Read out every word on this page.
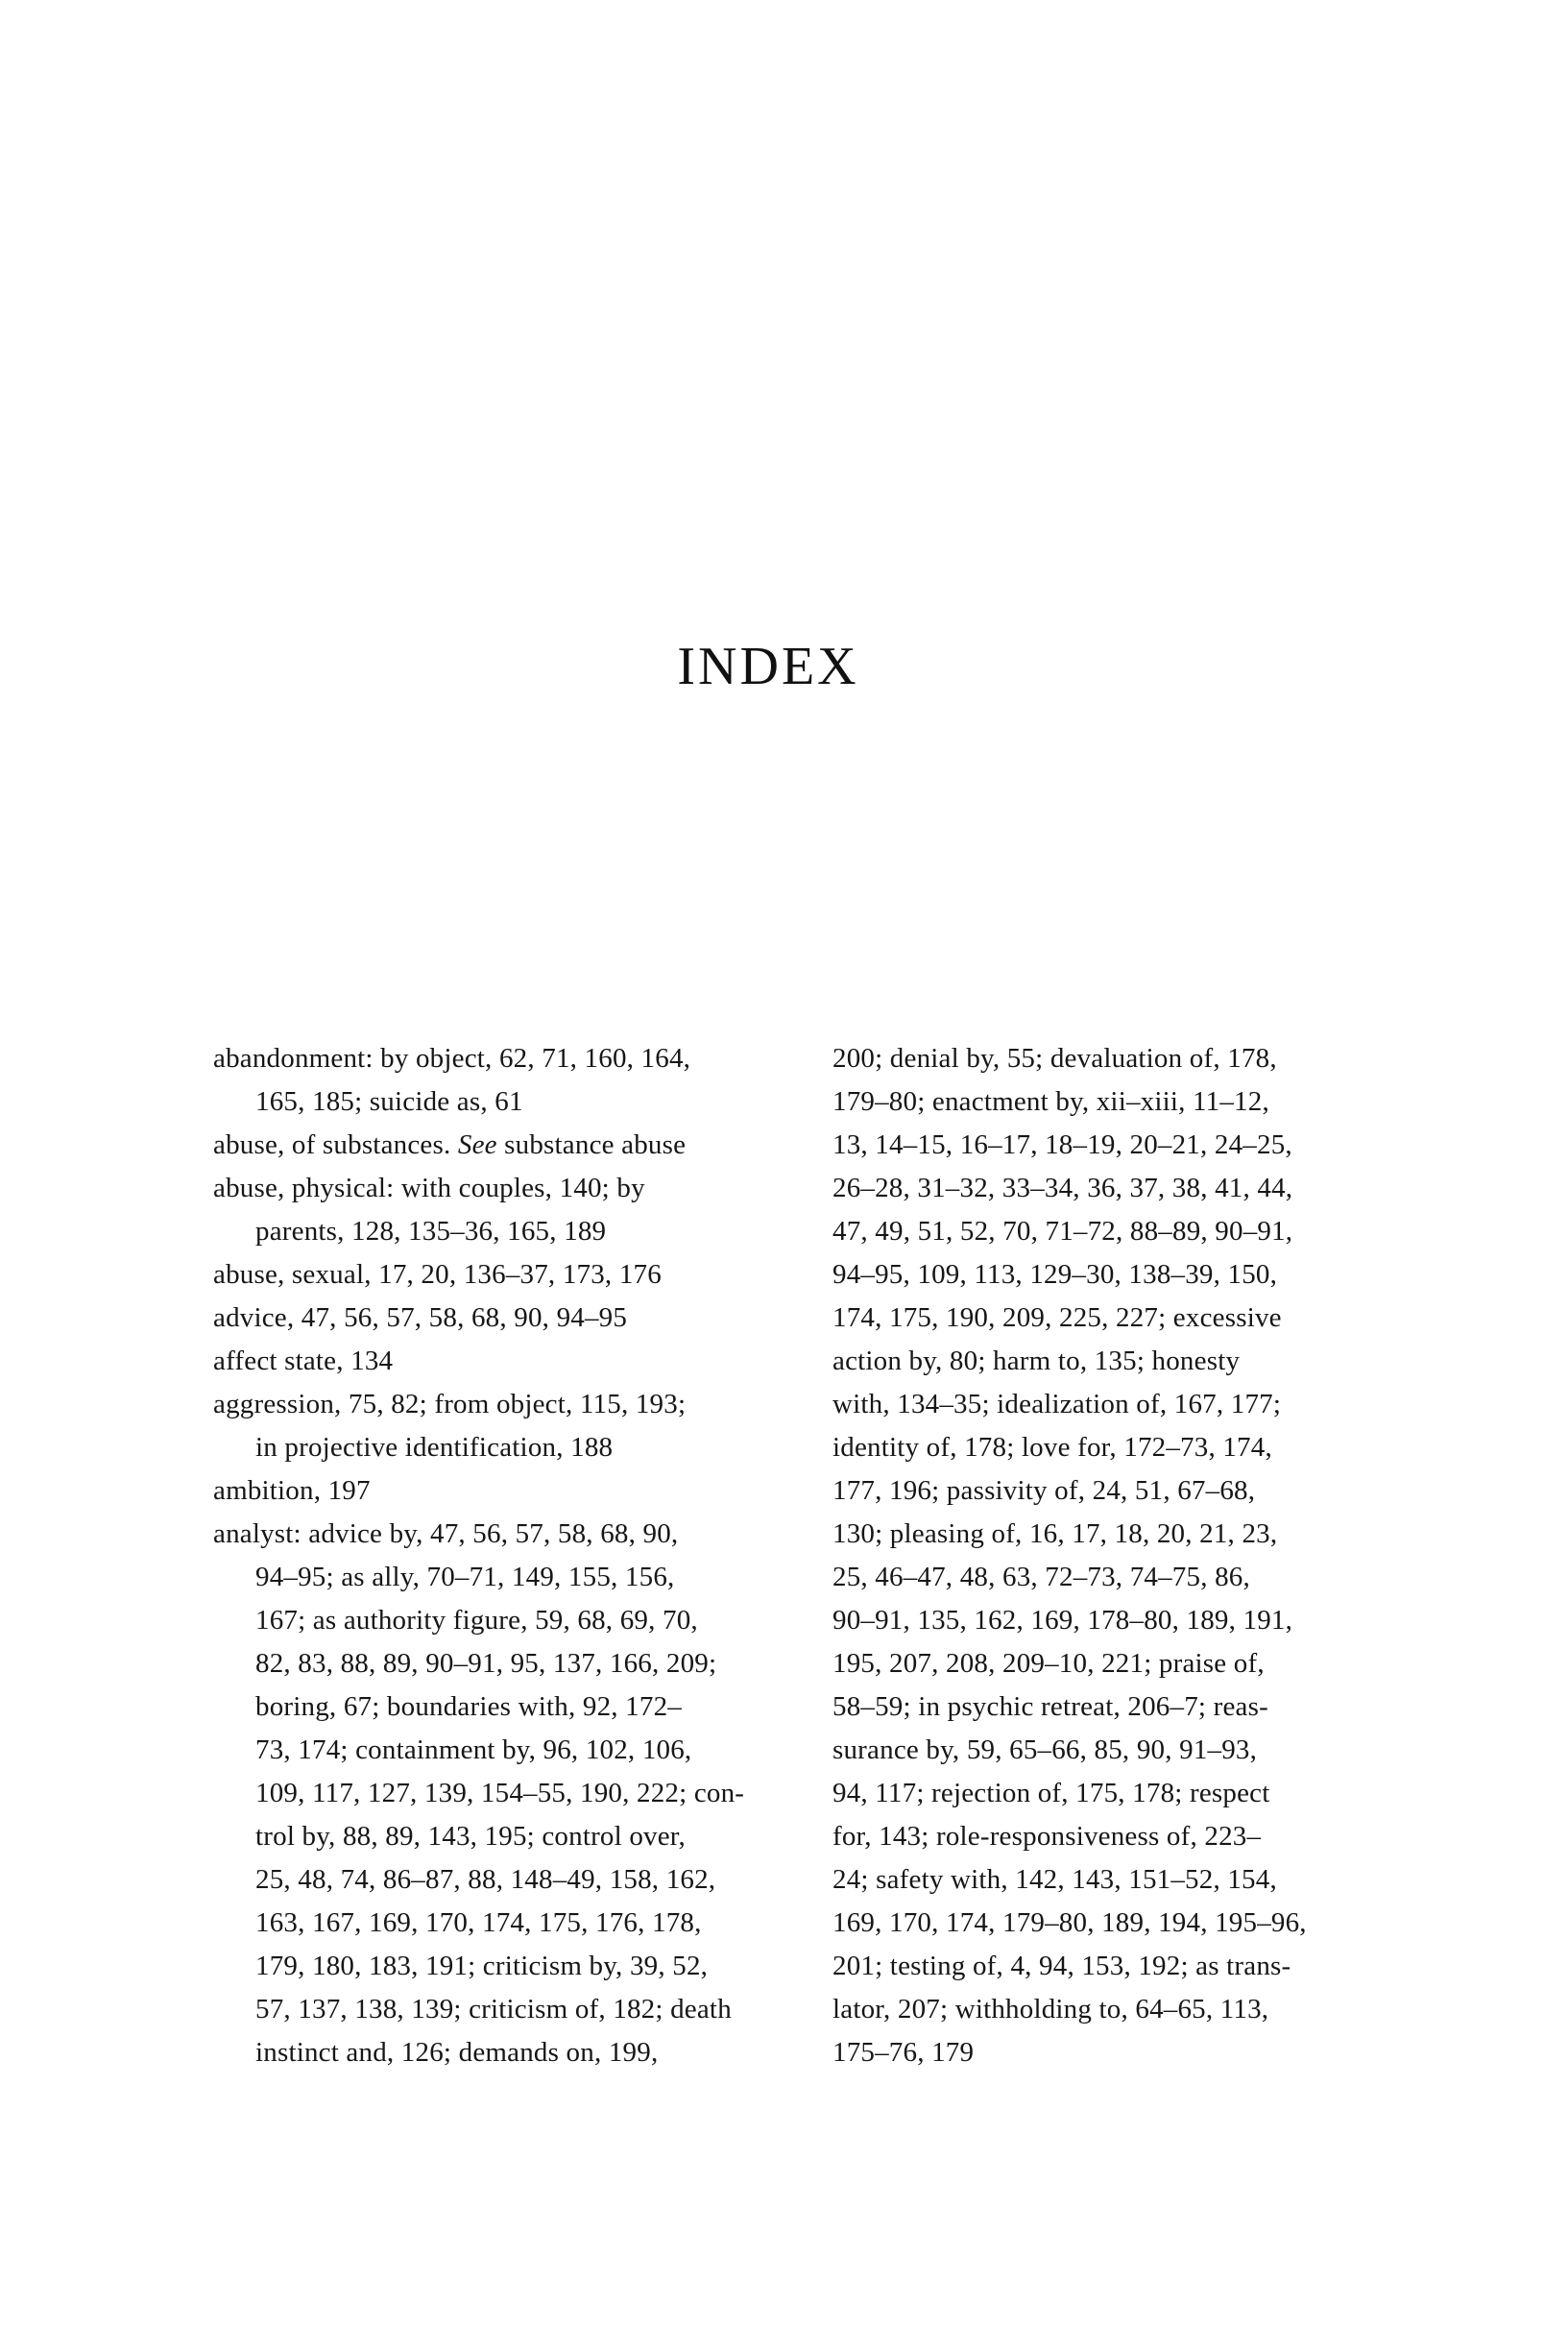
INDEX
abandonment: by object, 62, 71, 160, 164,
165, 185; suicide as, 61
abuse, of substances. See substance abuse
abuse, physical: with couples, 140; by
parents, 128, 135–36, 165, 189
abuse, sexual, 17, 20, 136–37, 173, 176
advice, 47, 56, 57, 58, 68, 90, 94–95
affect state, 134
aggression, 75, 82; from object, 115, 193;
in projective identification, 188
ambition, 197
analyst: advice by, 47, 56, 57, 58, 68, 90,
94–95; as ally, 70–71, 149, 155, 156,
167; as authority figure, 59, 68, 69, 70,
82, 83, 88, 89, 90–91, 95, 137, 166, 209;
boring, 67; boundaries with, 92, 172–
73, 174; containment by, 96, 102, 106,
109, 117, 127, 139, 154–55, 190, 222; con-
trol by, 88, 89, 143, 195; control over,
25, 48, 74, 86–87, 88, 148–49, 158, 162,
163, 167, 169, 170, 174, 175, 176, 178,
179, 180, 183, 191; criticism by, 39, 52,
57, 137, 138, 139; criticism of, 182; death
instinct and, 126; demands on, 199,
200; denial by, 55; devaluation of, 178,
179–80; enactment by, xii–xiii, 11–12,
13, 14–15, 16–17, 18–19, 20–21, 24–25,
26–28, 31–32, 33–34, 36, 37, 38, 41, 44,
47, 49, 51, 52, 70, 71–72, 88–89, 90–91,
94–95, 109, 113, 129–30, 138–39, 150,
174, 175, 190, 209, 225, 227; excessive
action by, 80; harm to, 135; honesty
with, 134–35; idealization of, 167, 177;
identity of, 178; love for, 172–73, 174,
177, 196; passivity of, 24, 51, 67–68,
130; pleasing of, 16, 17, 18, 20, 21, 23,
25, 46–47, 48, 63, 72–73, 74–75, 86,
90–91, 135, 162, 169, 178–80, 189, 191,
195, 207, 208, 209–10, 221; praise of,
58–59; in psychic retreat, 206–7; reas-
surance by, 59, 65–66, 85, 90, 91–93,
94, 117; rejection of, 175, 178; respect
for, 143; role-responsiveness of, 223–
24; safety with, 142, 143, 151–52, 154,
169, 170, 174, 179–80, 189, 194, 195–96,
201; testing of, 4, 94, 153, 192; as trans-
lator, 207; withholding to, 64–65, 113,
175–76, 179
